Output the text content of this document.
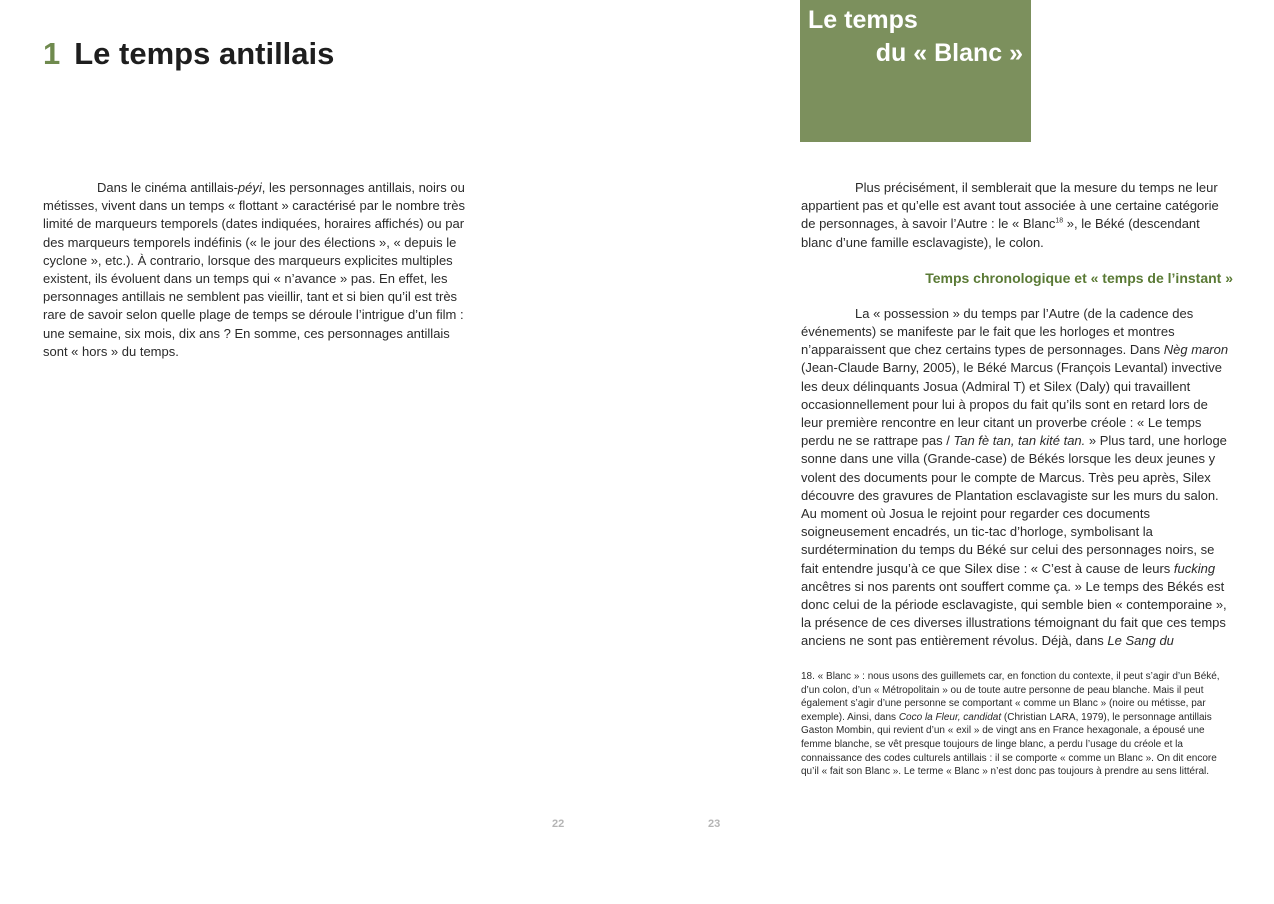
1 Le temps antillais

Dans le cinéma antillais-péyi, les personnages antillais, noirs ou métisses, vivent dans un temps « flottant » caractérisé par le nombre très limité de marqueurs temporels (dates indiquées, horaires affichés) ou par des marqueurs temporels indéfinis (« le jour des élections », « depuis le cyclone », etc.). À contrario, lorsque des marqueurs explicites multiples existent, ils évoluent dans un temps qui « n’avance » pas. En effet, les personnages antillais ne semblent pas vieillir, tant et si bien qu’il est très rare de savoir selon quelle plage de temps se déroule l’intrigue d’un film : une semaine, six mois, dix ans ? En somme, ces personnages antillais sont « hors » du temps.

22
Le temps
du « Blanc »

Plus précisément, il semblerait que la mesure du temps ne leur appartient pas et qu’elle est avant tout associée à une certaine catégorie de personnages, à savoir l’Autre : le « Blanc$^{18}$ », le Béké (descendant blanc d’une famille esclavagiste), le colon.

Temps chronologique et « temps de l’instant »

La « possession » du temps par l’Autre (de la cadence des événements) se manifeste par le fait que les horloges et montres n’apparaissent que chez certains types de personnages. Dans Nèg maron (Jean-Claude Barny, 2005), le Béké Marcus (François Levantal) invective les deux délinquants Josua (Admiral T) et Silex (Daly) qui travaillent occasionnellement pour lui à propos du fait qu’ils sont en retard lors de leur première rencontre en leur citant un proverbe créole : « Le temps perdu ne se rattrape pas / Tan fè tan, tan kité tan. » Plus tard, une horloge sonne dans une villa (Grande-case) de Békés lorsque les deux jeunes y volent des documents pour le compte de Marcus. Très peu après, Silex découvre des gravures de Plantation esclavagiste sur les murs du salon. Au moment où Josua le rejoint pour regarder ces documents soigneusement encadrés, un tic-tac d’horloge, symbolisant la surdétermination du temps du Béké sur celui des personnages noirs, se fait entendre jusqu’à ce que Silex dise : « C’est à cause de leurs fucking ancêtres si nos parents ont souffert comme ça. » Le temps des Békés est donc celui de la période esclavagiste, qui semble bien « contemporaine », la présence de ces diverses illustrations témoignant du fait que ces temps anciens ne sont pas entièrement révolus. Déjà, dans Le Sang du

18. « Blanc » : nous usons des guillemets car, en fonction du contexte, il peut s’agir d’un Béké, d’un colon, d’un « Métropolitain » ou de toute autre personne de peau blanche. Mais il peut également s’agir d’une personne se comportant « comme un Blanc » (noire ou métisse, par exemple). Ainsi, dans Coco la Fleur, candidat (Christian LARA, 1979), le personnage antillais Gaston Mombin, qui revient d’un « exil » de vingt ans en France hexagonale, a épousé une femme blanche, se vêt presque toujours de linge blanc, a perdu l’usage du créole et la connaissance des codes culturels antillais : il se comporte « comme un Blanc ». On dit encore qu’il « fait son Blanc ». Le terme « Blanc » n’est donc pas toujours à prendre au sens littéral.
23
